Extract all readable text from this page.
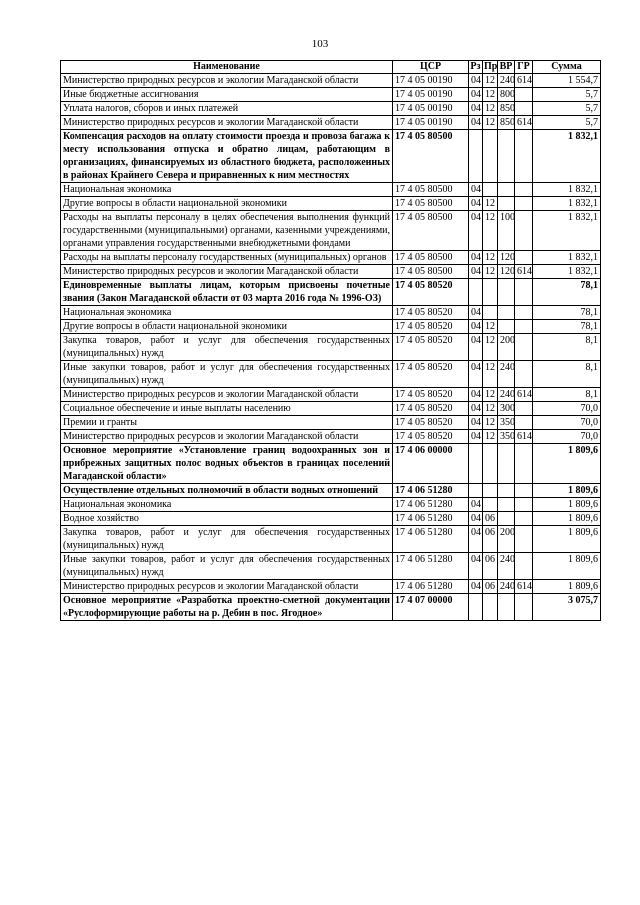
103
Наименование	ЦСР	Рз	Пр	ВР	ГР	Сумма
Министерство природных ресурсов и экологии Магаданской области	17 4 05 00190	04	12	240	614	1 554,7
Иные бюджетные ассигнования	17 4 05 00190	04	12	800		5,7
Уплата налогов, сборов и иных платежей	17 4 05 00190	04	12	850		5,7
Министерство природных ресурсов и экологии Магаданской области	17 4 05 00190	04	12	850	614	5,7
Компенсация расходов на оплату стоимости проезда и провоза багажа к месту использования отпуска и обратно лицам, работающим в организациях, финансируемых из областного бюджета, расположенных в районах Крайнего Севера и приравненных к ним местностях	17 4 05 80500					1 832,1
Национальная экономика	17 4 05 80500	04				1 832,1
Другие вопросы в области национальной экономики	17 4 05 80500	04	12			1 832,1
Расходы на выплаты персоналу в целях обеспечения выполнения функций государственными (муниципальными) органами, казенными учреждениями, органами управления государственными внебюджетными фондами	17 4 05 80500	04	12	100		1 832,1
Расходы на выплаты персоналу государственных (муниципальных) органов	17 4 05 80500	04	12	120		1 832,1
Министерство природных ресурсов и экологии Магаданской области	17 4 05 80500	04	12	120	614	1 832,1
Единовременные выплаты лицам, которым присвоены почетные звания (Закон Магаданской области от 03 марта 2016 года № 1996-ОЗ)	17 4 05 80520					78,1
Национальная экономика	17 4 05 80520	04				78,1
Другие вопросы в области национальной экономики	17 4 05 80520	04	12			78,1
Закупка товаров, работ и услуг для обеспечения государственных (муниципальных) нужд	17 4 05 80520	04	12	200		8,1
Иные закупки товаров, работ и услуг для обеспечения государственных (муниципальных) нужд	17 4 05 80520	04	12	240		8,1
Министерство природных ресурсов и экологии Магаданской области	17 4 05 80520	04	12	240	614	8,1
Социальное обеспечение и иные выплаты населению	17 4 05 80520	04	12	300		70,0
Премии и гранты	17 4 05 80520	04	12	350		70,0
Министерство природных ресурсов и экологии Магаданской области	17 4 05 80520	04	12	350	614	70,0
Основное мероприятие «Установление границ водоохранных зон и прибрежных защитных полос водных объектов в границах поселений Магаданской области»	17 4 06 00000					1 809,6
Осуществление отдельных полномочий в области водных отношений	17 4 06 51280					1 809,6
Национальная экономика	17 4 06 51280	04				1 809,6
Водное хозяйство	17 4 06 51280	04	06			1 809,6
Закупка товаров, работ и услуг для обеспечения государственных (муниципальных) нужд	17 4 06 51280	04	06	200		1 809,6
Иные закупки товаров, работ и услуг для обеспечения государственных (муниципальных) нужд	17 4 06 51280	04	06	240		1 809,6
Министерство природных ресурсов и экологии Магаданской области	17 4 06 51280	04	06	240	614	1 809,6
Основное мероприятие «Разработка проектно-сметной документации «Руслоформирующие работы на р. Дебин в пос. Ягодное»	17 4 07 00000					3 075,7
